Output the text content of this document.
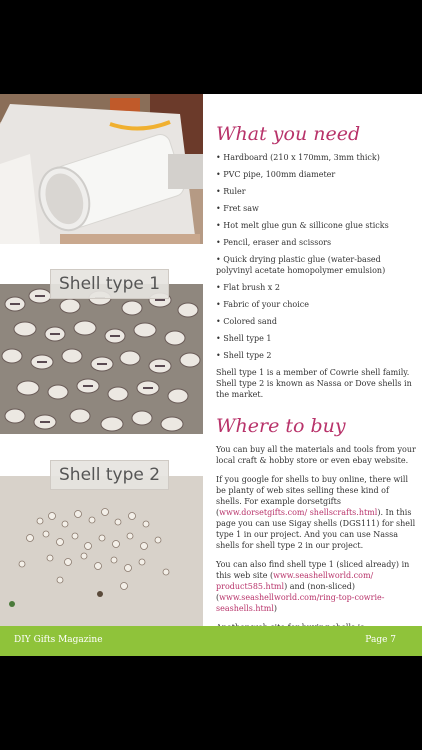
Shell type 1
Shell type 2
What you need
• Hardboard (210 x 170mm, 3mm thick)
• PVC pipe, 100mm diameter
• Ruler
• Fret saw
• Hot melt glue gun & sillicone glue sticks
• Pencil, eraser and scissors
• Quick drying plastic glue (water-based polyvinyl acetate homopolymer emulsion)
• Flat brush x 2
• Fabric of your choice
• Colored sand
• Shell type 1
• Shell type 2
Shell type 1 is a member of Cowrie shell family. Shell type 2 is known as Nassa or Dove shells in the market.
Where to buy
You can buy all the materials and tools from your local craft & hobby store or even ebay website.
If you google for shells to buy online, there will be planty of web sites selling these kind of shells. For example dorsetgifts (www.dorsetgifts.com/ shellscrafts.html). In this page you can use Sigay shells (DGS111) for shell type 1 in our project. And you can use Nassa shells for shell type 2 in our project.
You can also find shell type 1 (sliced already) in this web site (www.seashellworld.com/ product585.html) and (non-sliced) (www.seashellworld.com/ring-top-cowrie-seashells.html)

DIY Gifts Magazine	Page 7
